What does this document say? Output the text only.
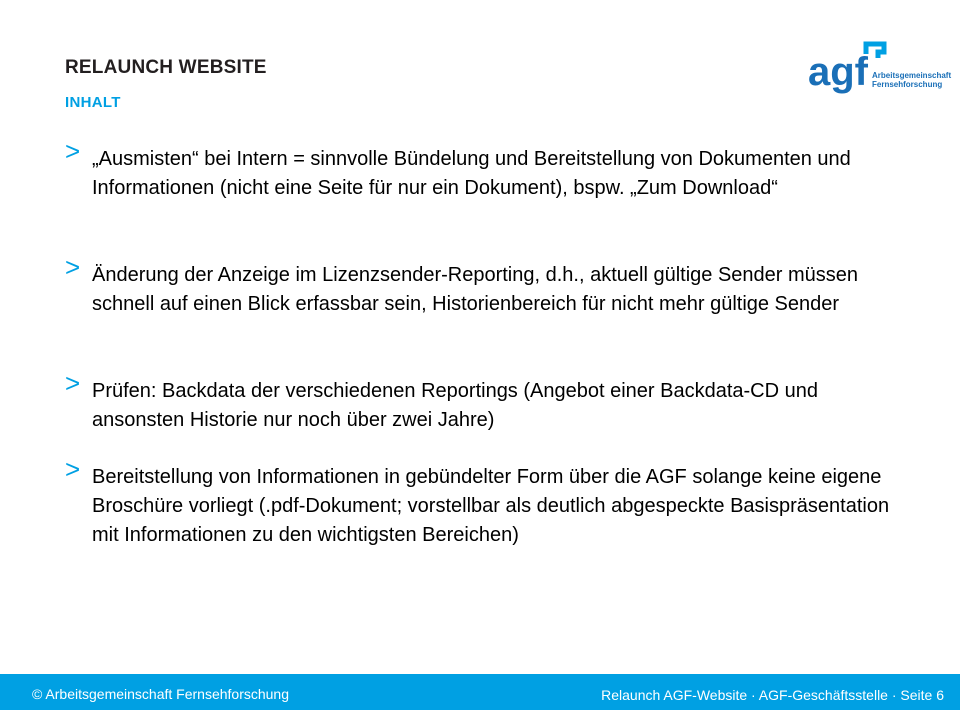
RELAUNCH WEBSITE
INHALT
agf Arbeitsgemeinschaft
Fernsehforschung
> „Ausmisten“ bei Intern = sinnvolle Bündelung und Bereitstellung von Dokumenten und Informationen (nicht eine Seite für nur ein Dokument), bspw. „Zum Download“
> Änderung der Anzeige im Lizenzsender-Reporting, d.h., aktuell gültige Sender müssen schnell auf einen Blick erfassbar sein, Historienbereich für nicht mehr gültige Sender
> Prüfen: Backdata der verschiedenen Reportings (Angebot einer Backdata-CD und ansonsten Historie nur noch über zwei Jahre)
> Bereitstellung von Informationen in gebündelter Form über die AGF solange keine eigene Broschüre vorliegt (.pdf-Dokument; vorstellbar als deutlich abgespeckte Basispräsentation mit Informationen zu den wichtigsten Bereichen)
© Arbeitsgemeinschaft Fernsehforschung	Relaunch AGF-Website · AGF-Geschäftsstelle · Seite 6
